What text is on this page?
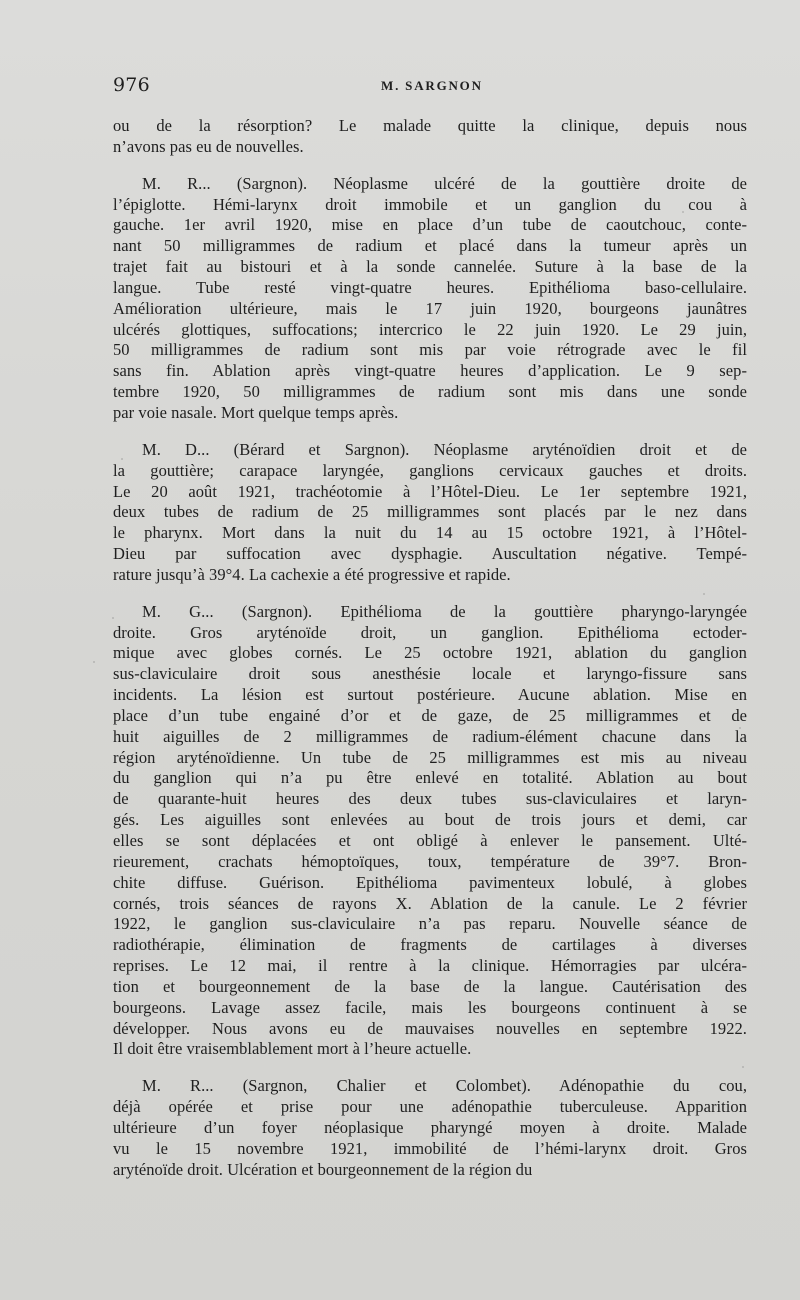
976	M. SARGNON
ou de la résorption? Le malade quitte la clinique, depuis nous
n’avons pas eu de nouvelles.
M. R... (Sargnon). Néoplasme ulcéré de la gouttière droite de
l’épiglotte. Hémi-larynx droit immobile et un ganglion du cou à
gauche. 1er avril 1920, mise en place d’un tube de caoutchouc, conte-
nant 50 milligrammes de radium et placé dans la tumeur après un
trajet fait au bistouri et à la sonde cannelée. Suture à la base de la
langue. Tube resté vingt-quatre heures. Epithélioma baso-cellulaire.
Amélioration ultérieure, mais le 17 juin 1920, bourgeons jaunâtres
ulcérés glottiques, suffocations; intercrico le 22 juin 1920. Le 29 juin,
50 milligrammes de radium sont mis par voie rétrograde avec le fil
sans fin. Ablation après vingt-quatre heures d’application. Le 9 sep-
tembre 1920, 50 milligrammes de radium sont mis dans une sonde
par voie nasale. Mort quelque temps après.
M. D... (Bérard et Sargnon). Néoplasme aryténoïdien droit et de
la gouttière; carapace laryngée, ganglions cervicaux gauches et droits.
Le 20 août 1921, trachéotomie à l’Hôtel-Dieu. Le 1er septembre 1921,
deux tubes de radium de 25 milligrammes sont placés par le nez dans
le pharynx. Mort dans la nuit du 14 au 15 octobre 1921, à l’Hôtel-
Dieu par suffocation avec dysphagie. Auscultation négative. Tempé-
rature jusqu’à 39°4. La cachexie a été progressive et rapide.
M. G... (Sargnon). Epithélioma de la gouttière pharyngo-laryngée
droite. Gros aryténoïde droit, un ganglion. Epithélioma ectoder-
mique avec globes cornés. Le 25 octobre 1921, ablation du ganglion
sus-claviculaire droit sous anesthésie locale et laryngo-fissure sans
incidents. La lésion est surtout postérieure. Aucune ablation. Mise en
place d’un tube engainé d’or et de gaze, de 25 milligrammes et de
huit aiguilles de 2 milligrammes de radium-élément chacune dans la
région aryténoïdienne. Un tube de 25 milligrammes est mis au niveau
du ganglion qui n’a pu être enlevé en totalité. Ablation au bout
de quarante-huit heures des deux tubes sus-claviculaires et laryn-
gés. Les aiguilles sont enlevées au bout de trois jours et demi, car
elles se sont déplacées et ont obligé à enlever le pansement. Ulté-
rieurement, crachats hémoptoïques, toux, température de 39°7. Bron-
chite diffuse. Guérison. Epithélioma pavimenteux lobulé, à globes
cornés, trois séances de rayons X. Ablation de la canule. Le 2 février
1922, le ganglion sus-claviculaire n’a pas reparu. Nouvelle séance de
radiothérapie, élimination de fragments de cartilages à diverses
reprises. Le 12 mai, il rentre à la clinique. Hémorragies par ulcéra-
tion et bourgeonnement de la base de la langue. Cautérisation des
bourgeons. Lavage assez facile, mais les bourgeons continuent à se
développer. Nous avons eu de mauvaises nouvelles en septembre 1922.
Il doit être vraisemblablement mort à l’heure actuelle.
M. R... (Sargnon, Chalier et Colombet). Adénopathie du cou,
déjà opérée et prise pour une adénopathie tuberculeuse. Apparition
ultérieure d’un foyer néoplasique pharyngé moyen à droite. Malade
vu le 15 novembre 1921, immobilité de l’hémi-larynx droit. Gros
aryténoïde droit. Ulcération et bourgeonnement de la région du
